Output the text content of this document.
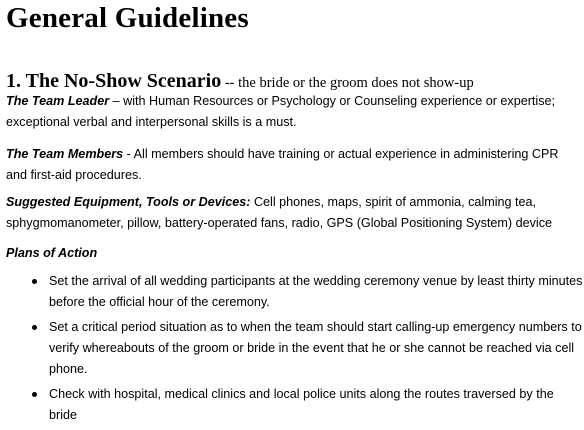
General Guidelines
1. The No-Show Scenario -- the bride or the groom does not show-up
The Team Leader – with Human Resources or Psychology or Counseling experience or expertise; exceptional verbal and interpersonal skills is a must.
The Team Members - All members should have training or actual experience in administering CPR and first-aid procedures.
Suggested Equipment, Tools or Devices: Cell phones, maps, spirit of ammonia, calming tea, sphygmomanometer, pillow, battery-operated fans, radio, GPS (Global Positioning System) device
Plans of Action
Set the arrival of all wedding participants at the wedding ceremony venue by least thirty minutes before the official hour of the ceremony.
Set a critical period situation as to when the team should start calling-up emergency numbers to verify whereabouts of the groom or bride in the event that he or she cannot be reached via cell phone.
Check with hospital, medical clinics and local police units along the routes traversed by the bride
